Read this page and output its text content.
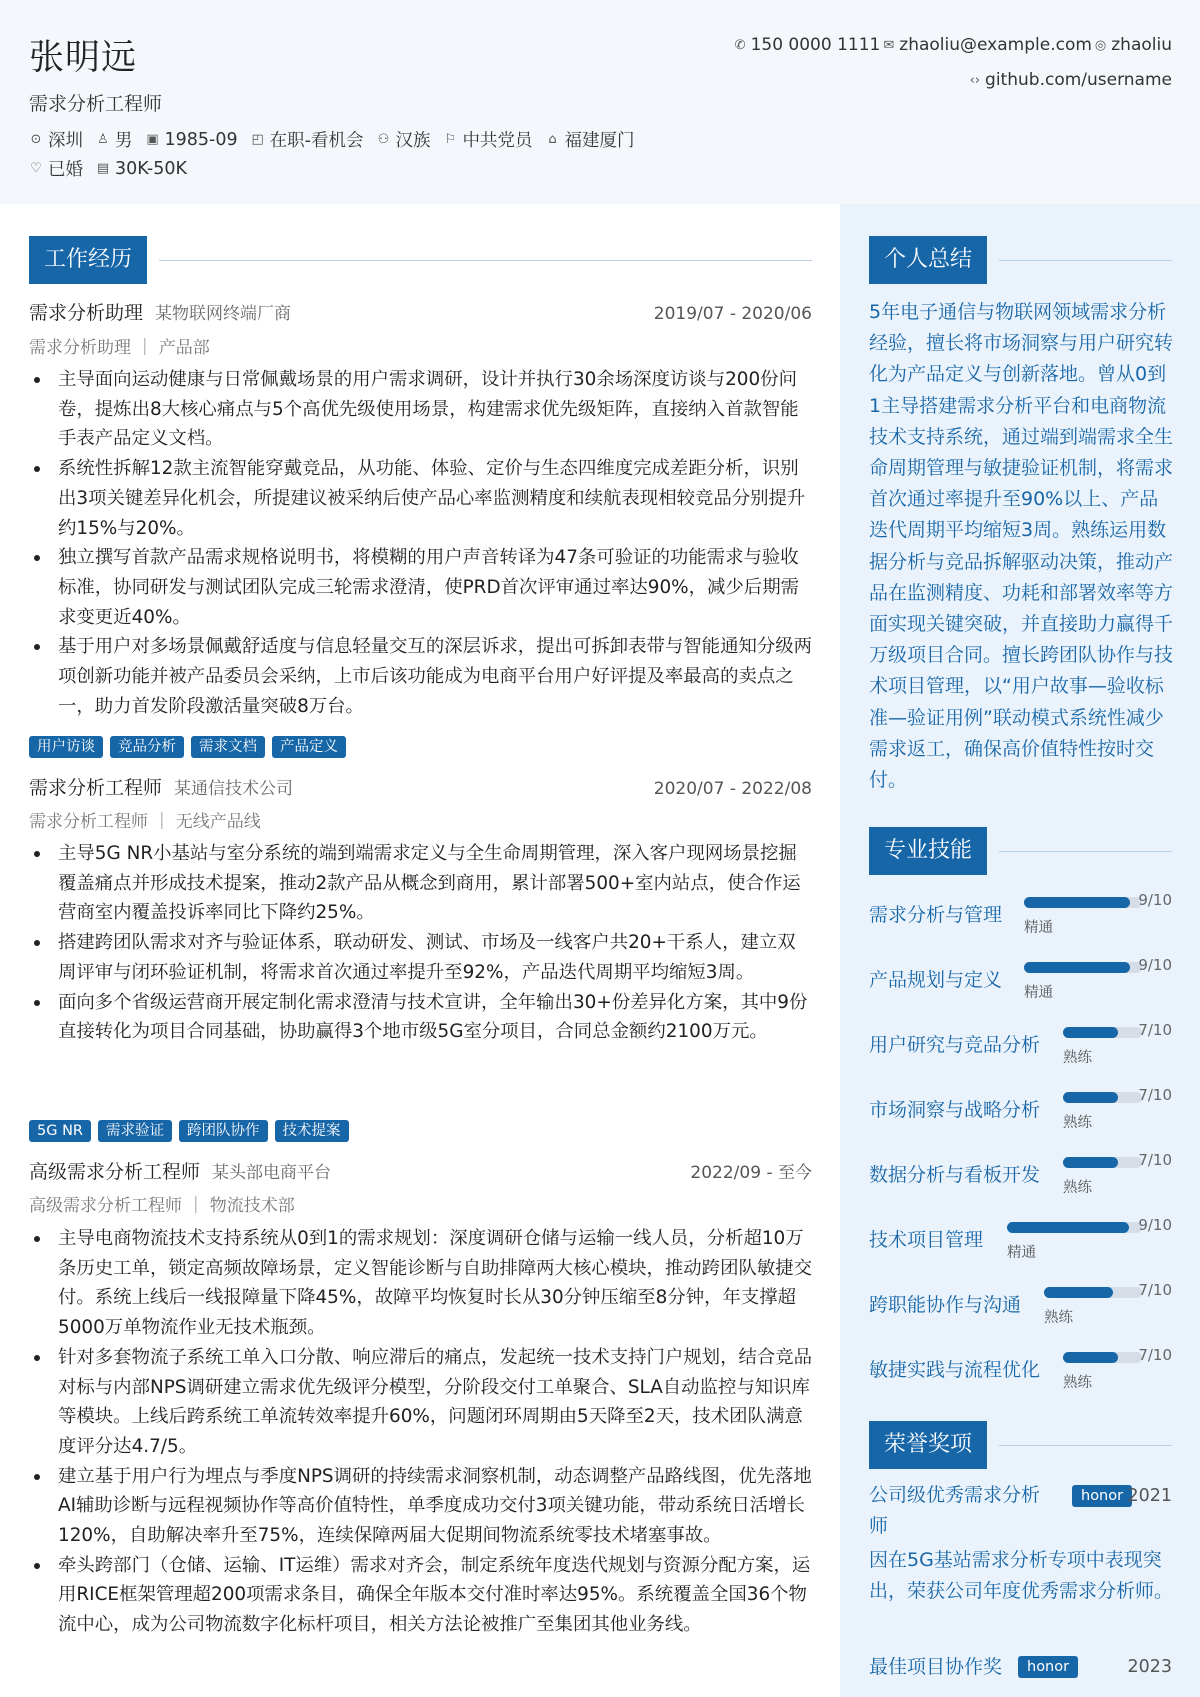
张明远
需求分析工程师
⊙ 深圳 ♙ 男 ▣ 1985-09 ◰ 在职-看机会 ⚇ 汉族 ⚐ 中共党员 ⌂ 福建厦门
♡ 已婚 ▤ 30K-50K
✆ 150 0000 1111 ✉ zhaoliu@example.com ◎ zhaoliu
‹› github.com/username
工作经历
需求分析助理 某物联网终端厂商	2019/07 - 2020/06
需求分析助理 ｜ 产品部
主导面向运动健康与日常佩戴场景的用户需求调研，设计并执行30余场深度访谈与200份问卷，提炼出8大核心痛点与5个高优先级使用场景，构建需求优先级矩阵，直接纳入首款智能手表产品定义文档。
系统性拆解12款主流智能穿戴竞品，从功能、体验、定价与生态四维度完成差距分析，识别出3项关键差异化机会，所提建议被采纳后使产品心率监测精度和续航表现相较竞品分别提升约15%与20%。
独立撰写首款产品需求规格说明书，将模糊的用户声音转译为47条可验证的功能需求与验收标准，协同研发与测试团队完成三轮需求澄清，使PRD首次评审通过率达90%，减少后期需求变更近40%。
基于用户对多场景佩戴舒适度与信息轻量交互的深层诉求，提出可拆卸表带与智能通知分级两项创新功能并被产品委员会采纳，上市后该功能成为电商平台用户好评提及率最高的卖点之一，助力首发阶段激活量突破8万台。
用户访谈	竞品分析	需求文档	产品定义
需求分析工程师 某通信技术公司	2020/07 - 2022/08
需求分析工程师 ｜ 无线产品线
主导5G NR小基站与室分系统的端到端需求定义与全生命周期管理，深入客户现网场景挖掘覆盖痛点并形成技术提案，推动2款产品从概念到商用，累计部署500+室内站点，使合作运营商室内覆盖投诉率同比下降约25%。
搭建跨团队需求对齐与验证体系，联动研发、测试、市场及一线客户共20+干系人，建立双周评审与闭环验证机制，将需求首次通过率提升至92%，产品迭代周期平均缩短3周。
面向多个省级运营商开展定制化需求澄清与技术宣讲，全年输出30+份差异化方案，其中9份直接转化为项目合同基础，协助赢得3个地市级5G室分项目，合同总金额约2100万元。
5G NR	需求验证	跨团队协作	技术提案
高级需求分析工程师 某头部电商平台	2022/09 - 至今
高级需求分析工程师 ｜ 物流技术部
主导电商物流技术支持系统从0到1的需求规划：深度调研仓储与运输一线人员，分析超10万条历史工单，锁定高频故障场景，定义智能诊断与自助排障两大核心模块，推动跨团队敏捷交付。系统上线后一线报障量下降45%，故障平均恢复时长从30分钟压缩至8分钟，年支撑超5000万单物流作业无技术瓶颈。
针对多套物流子系统工单入口分散、响应滞后的痛点，发起统一技术支持门户规划，结合竞品对标与内部NPS调研建立需求优先级评分模型，分阶段交付工单聚合、SLA自动监控与知识库等模块。上线后跨系统工单流转效率提升60%，问题闭环周期由5天降至2天，技术团队满意度评分达4.7/5。
建立基于用户行为埋点与季度NPS调研的持续需求洞察机制，动态调整产品路线图，优先落地AI辅助诊断与远程视频协作等高价值特性，单季度成功交付3项关键功能，带动系统日活增长120%，自助解决率升至75%，连续保障两届大促期间物流系统零技术堵塞事故。
牵头跨部门（仓储、运输、IT运维）需求对齐会，制定系统年度迭代规划与资源分配方案，运用RICE框架管理超200项需求条目，确保全年版本交付准时率达95%。系统覆盖全国36个物流中心，成为公司物流数字化标杆项目，相关方法论被推广至集团其他业务线。
个人总结
5年电子通信与物联网领域需求分析经验，擅长将市场洞察与用户研究转化为产品定义与创新落地。曾从0到1主导搭建需求分析平台和电商物流技术支持系统，通过端到端需求全生命周期管理与敏捷验证机制，将需求首次通过率提升至90%以上、产品迭代周期平均缩短3周。熟练运用数据分析与竞品拆解驱动决策，推动产品在监测精度、功耗和部署效率等方面实现关键突破，并直接助力赢得千万级项目合同。擅长跨团队协作与技术项目管理，以“用户故事—验收标准—验证用例”联动模式系统性减少需求返工，确保高价值特性按时交付。
专业技能
需求分析与管理
精通
9/10
产品规划与定义
精通
9/10
用户研究与竞品分析
熟练
7/10
市场洞察与战略分析
熟练
7/10
数据分析与看板开发
熟练
7/10
技术项目管理
精通
9/10
跨职能协作与沟通
熟练
7/10
敏捷实践与流程优化
熟练
7/10
荣誉奖项
公司级优秀需求分析师
honor 2021
因在5G基站需求分析专项中表现突出，荣获公司年度优秀需求分析师。
最佳项目协作奖	honor	2023
